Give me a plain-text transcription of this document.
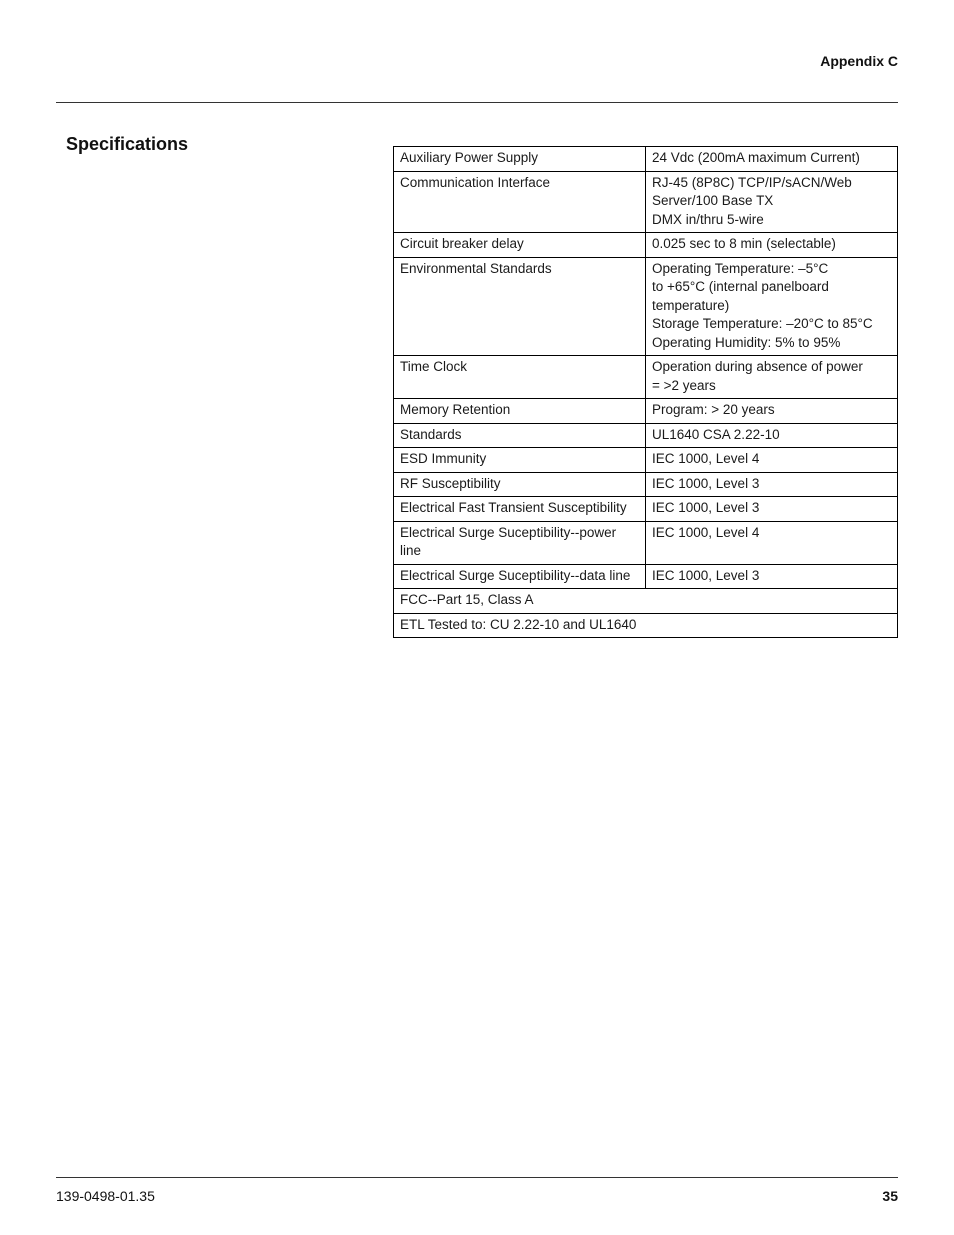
Appendix C
Specifications
Auxiliary Power Supply	24 Vdc (200mA maximum Current)

Communication Interface	RJ-45 (8P8C) TCP/IP/sACN/Web
Server/100 Base TX
DMX in/thru 5-wire

Circuit breaker delay	0.025 sec to 8 min (selectable)

Environmental Standards	Operating Temperature: –5°C
to +65°C (internal panelboard
temperature)
Storage Temperature: –20°C to 85°C
Operating Humidity: 5% to 95%

Time Clock	Operation during absence of power
= >2 years

Memory Retention	Program: > 20 years

Standards	UL1640 CSA 2.22-10

ESD Immunity	IEC 1000, Level 4

RF Susceptibility	IEC 1000, Level 3

Electrical Fast Transient Susceptibility	IEC 1000, Level 3

Electrical Surge Suceptibility--power line	IEC 1000, Level 4

Electrical Surge Suceptibility--data line	IEC 1000, Level 3

FCC--Part 15, Class A	
ETL Tested to: CU 2.22-10 and UL1640	
139-0498-01.35	35
